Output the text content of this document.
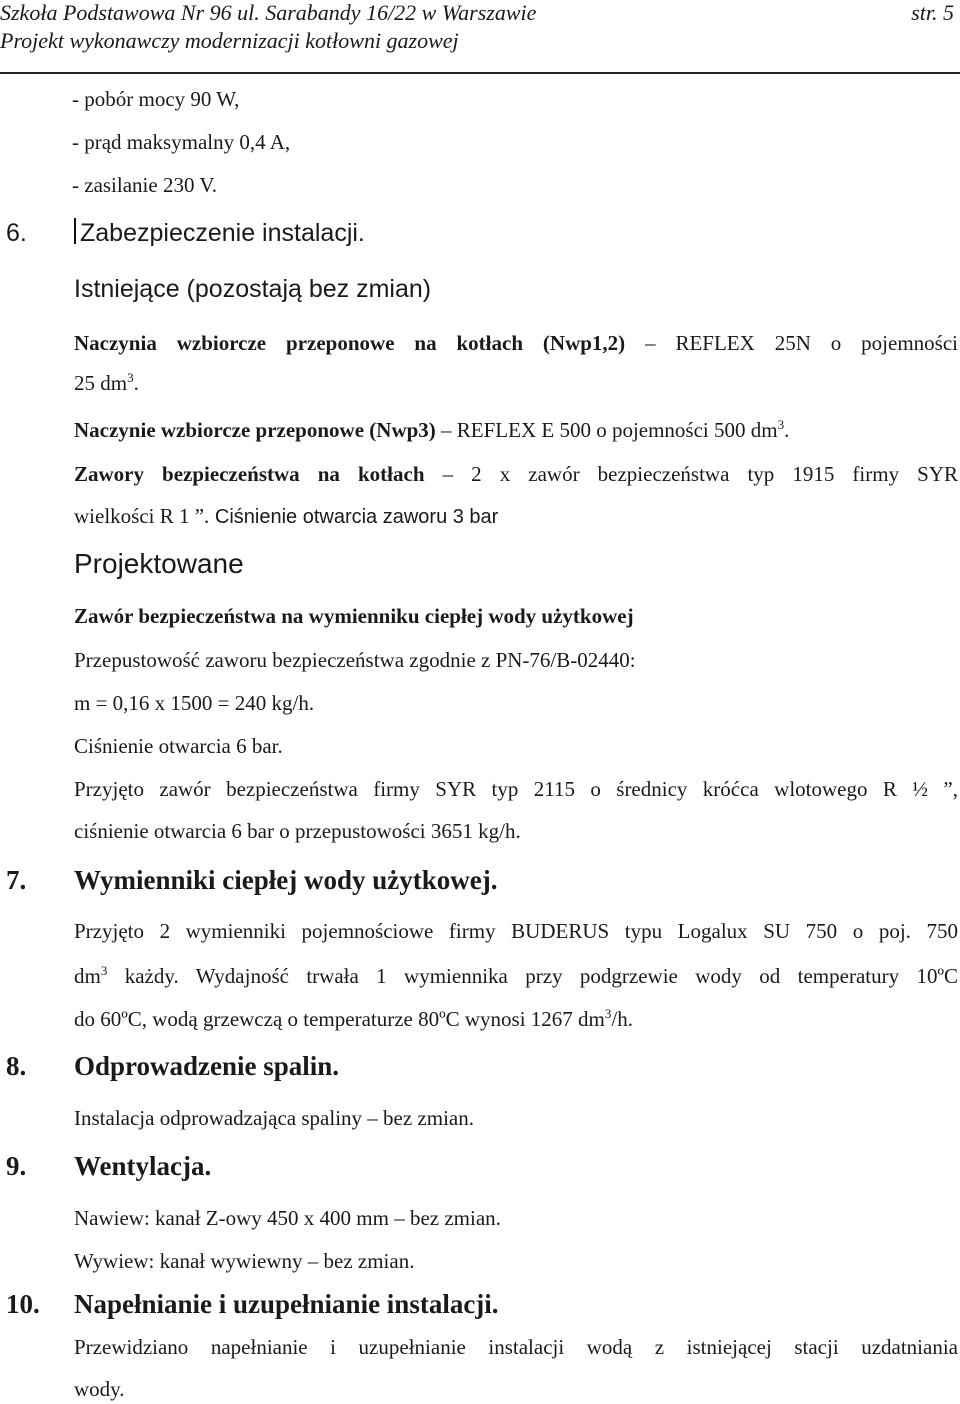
Szkoła Podstawowa Nr 96 ul. Sarabandy 16/22 w Warszawie	str. 5
Projekt wykonawczy modernizacji kotłowni gazowej
- pobór mocy 90 W,
- prąd maksymalny 0,4 A,
- zasilanie 230 V.
6. Zabezpieczenie instalacji.
Istniejące (pozostają bez zmian)
Naczynia wzbiorcze przeponowe na kotłach (Nwp1,2) – REFLEX 25N o pojemności
25 $dm^3$.
Naczynie wzbiorcze przeponowe (Nwp3) – REFLEX E 500 o pojemności 500 $dm^3$.
Zawory bezpieczeństwa na kotłach – 2 x zawór bezpieczeństwa typ 1915 firmy SYR
wielkości R 1 ”. Ciśnienie otwarcia zaworu 3 bar
Projektowane
Zawór bezpieczeństwa na wymienniku ciepłej wody użytkowej
Przepustowość zaworu bezpieczeństwa zgodnie z PN-76/B-02440:
m = 0,16 x 1500 = 240 kg/h.
Ciśnienie otwarcia 6 bar.
Przyjęto zawór bezpieczeństwa firmy SYR typ 2115 o średnicy króćca wlotowego R ½ ”,
ciśnienie otwarcia 6 bar o przepustowości 3651 kg/h.
7. Wymienniki ciepłej wody użytkowej.
Przyjęto 2 wymienniki pojemnościowe firmy BUDERUS typu Logalux SU 750 o poj. 750
$dm^3$ każdy. Wydajność trwała 1 wymiennika przy podgrzewie wody od temperatury 10ºC
do 60ºC, wodą grzewczą o temperaturze 80ºC wynosi 1267 $dm^3/h$.
8. Odprowadzenie spalin.
Instalacja odprowadzająca spaliny – bez zmian.
9. Wentylacja.
Nawiew: kanał Z-owy 450 x 400 mm – bez zmian.
Wywiew: kanał wywiewny – bez zmian.
10. Napełnianie i uzupełnianie instalacji.
Przewidziano napełnianie i uzupełnianie instalacji wodą z istniejącej stacji uzdatniania
wody.
